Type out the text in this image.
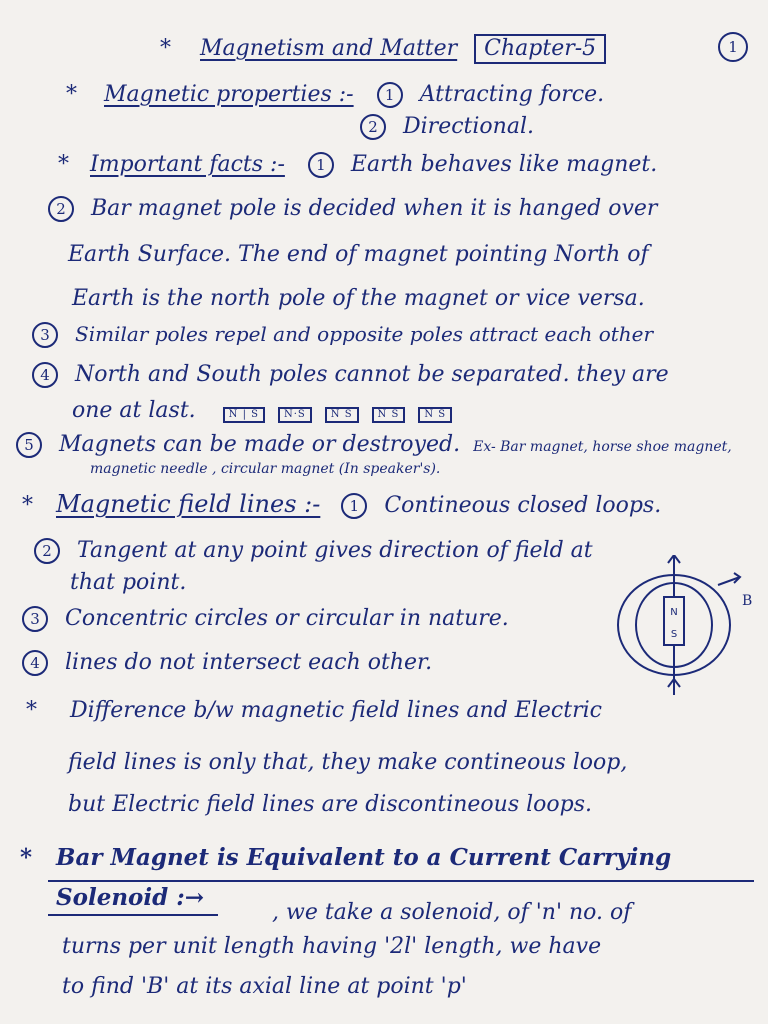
* Magnetism and Matter Chapter-5	1
* Magnetic properties :- 1 Attracting force.
2 Directional.
* Important facts :- 1 Earth behaves like magnet.
2 Bar magnet pole is decided when it is hanged over
Earth Surface. The end of magnet pointing North of
Earth is the north pole of the magnet or vice versa.
3 Similar poles repel and opposite poles attract each other
4 North and South poles cannot be separated. they are
one at last.	N | S	N·S	N S	N S	N S
5 Magnets can be made or destroyed. Ex- Bar magnet, horse shoe magnet,
magnetic needle , circular magnet (In speaker's).
* Magnetic field lines :- 1 Contineous closed loops.
2 Tangent at any point gives direction of field at
that point.
3 Concentric circles or circular in nature.
4 lines do not intersect each other.
N
S
B
* Difference b/w magnetic field lines and Electric
field lines is only that, they make contineous loop,
but Electric field lines are discontineous loops.
* Bar Magnet is Equivalent to a Current Carrying
Solenoid :→
, we take a solenoid, of 'n' no. of
turns per unit length having '2l' length, we have
to find 'B' at its axial line at point 'p'
